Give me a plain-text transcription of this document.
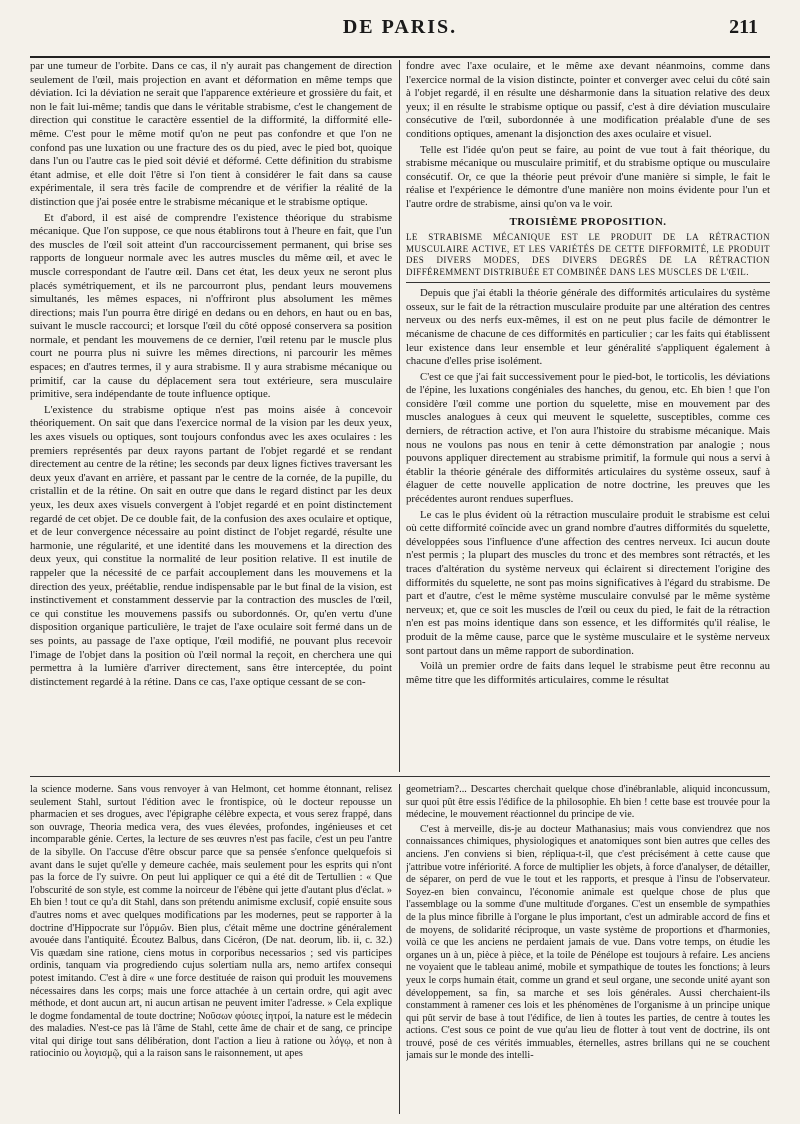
DE PARIS.	211

par une tumeur de l'orbite. Dans ce cas, il n'y aurait pas changement de direction seulement de l'œil, mais projection en avant et déformation en même temps que déviation. Ici la déviation ne serait que l'apparence extérieure et grossière du fait, et non le fait lui-même; tandis que dans le véritable strabisme, c'est le changement de direction qui constitue le caractère essentiel de la difformité, la difformité elle-même. C'est pour le même motif qu'on ne peut pas confondre et que l'on ne confond pas une luxation ou une fracture des os du pied, avec le pied bot, quoique dans l'un ou l'autre cas le pied soit dévié et déformé. Cette définition du strabisme étant admise, et elle doit l'être si l'on tient à considérer le fait dans sa cause expérimentale, il sera très facile de comprendre et de vérifier la réalité de la distinction que j'ai posée entre le strabisme mécanique et le strabisme optique.

Et d'abord, il est aisé de comprendre l'existence théorique du strabisme mécanique. Que l'on suppose, ce que nous établirons tout à l'heure en fait, que l'un des muscles de l'œil soit atteint d'un raccourcissement permanent, qui brise ses rapports de longueur normale avec les autres muscles du même œil, et avec le muscle correspondant de l'autre œil. Dans cet état, les deux yeux ne seront plus placés symétriquement, et ils ne parcourront plus, pendant leurs mouvemens simultanés, les mêmes espaces, ni n'offriront plus absolument les mêmes directions; mais l'un pourra être dirigé en dedans ou en dehors, en haut ou en bas, suivant le muscle raccourci; et lorsque l'œil du côté opposé conservera sa position normale, et pendant les mouvemens de ce dernier, l'œil retenu par le muscle plus court ne pourra plus ni suivre les mêmes directions, ni parcourir les mêmes espaces; en d'autres termes, il y aura strabisme. Il y aura strabisme mécanique ou primitif, car la cause du déplacement sera tout extérieure, sera musculaire primitive, sera indépendante de toute influence optique.

L'existence du strabisme optique n'est pas moins aisée à concevoir théoriquement. On sait que dans l'exercice normal de la vision par les deux yeux, les axes visuels ou optiques, sont toujours confondus avec les axes oculaires : les premiers représentés par deux rayons partant de l'objet regardé et se rendant directement au centre de la rétine; les seconds par deux lignes fictives traversant les deux yeux d'avant en arrière, et passant par le centre de la cornée, de la pupille, du cristallin et de la rétine. On sait en outre que dans le regard distinct par les deux yeux, les deux axes visuels convergent à l'objet regardé et en point distinctement regardé de cet objet. De ce double fait, de la confusion des axes oculaire et optique, et de leur convergence nécessaire au point distinct de l'objet regardé, résulte une harmonie, une régularité, et une identité dans les mouvemens et la direction des deux yeux, qui constitue la normalité de leur position relative. Il est inutile de rappeler que la nécessité de ce parfait accouplement dans les mouvemens et la direction des yeux, préétablie, rendue indispensable par le but final de la vision, est instinctivement et constamment desservie par la contraction des muscles de l'œil, ce qui constitue les mouvemens passifs ou subordonnés. Or, qu'en vertu d'une disposition organique particulière, le trajet de l'axe oculaire soit fermé dans un de ses points, au passage de l'axe optique, l'œil modifié, ne pouvant plus recevoir l'image de l'objet dans la position où l'œil normal la reçoit, en cherchera une qui permettra à la lumière d'arriver directement, sans être interceptée, du point distinctement regardé à la rétine. Dans ce cas, l'axe optique cessant de se con-

fondre avec l'axe oculaire, et le même axe devant néanmoins, comme dans l'exercice normal de la vision distincte, pointer et converger avec celui du côté sain à l'objet regardé, il en résulte une désharmonie dans la situation relative des deux yeux; il en résulte le strabisme optique ou passif, c'est à dire déviation musculaire consécutive de l'œil, subordonnée à une modification préalable d'une de ses conditions optiques, amenant la disjonction des axes oculaire et visuel.

Telle est l'idée qu'on peut se faire, au point de vue tout à fait théorique, du strabisme mécanique ou musculaire primitif, et du strabisme optique ou musculaire consécutif. Or, ce que la théorie peut prévoir d'une manière si simple, le fait le réalise et l'expérience le démontre d'une manière non moins évidente pour l'un et l'autre ordre de strabisme, ainsi qu'on va le voir.

TROISIÈME PROPOSITION.
LE STRABISME MÉCANIQUE EST LE PRODUIT DE LA RÉTRACTION MUSCULAIRE ACTIVE, ET LES VARIÉTÉS DE CETTE DIFFORMITÉ, LE PRODUIT DES DIVERS MODES, DES DIVERS DEGRÉS DE LA RÉTRACTION DIFFÉREMMENT DISTRIBUÉE ET COMBINÉE DANS LES MUSCLES DE L'ŒIL.

Depuis que j'ai établi la théorie générale des difformités articulaires du système osseux, sur le fait de la rétraction musculaire produite par une altération des centres nerveux ou des nerfs eux-mêmes, il est on ne peut plus facile de démontrer le mécanisme de chacune de ces difformités en particulier ; car les faits qui établissent leur existence dans leur ensemble et leur généralité s'appliquent également à chacune d'elles prise isolément.

C'est ce que j'ai fait successivement pour le pied-bot, le torticolis, les déviations de l'épine, les luxations congéniales des hanches, du genou, etc. Eh bien ! que l'on considère l'œil comme une portion du squelette, mise en mouvement par des muscles analogues à ceux qui meuvent le squelette, susceptibles, comme ces derniers, de rétraction active, et l'on aura l'histoire du strabisme mécanique. Mais nous ne voulons pas nous en tenir à cette démonstration par analogie ; nous pouvons appliquer directement au strabisme primitif, la formule qui nous a servi à établir la théorie générale des difformités articulaires du système osseux, sauf à élaguer de cette nouvelle application de notre doctrine, les preuves que les précédentes auront rendues superflues.

Le cas le plus évident où la rétraction musculaire produit le strabisme est celui où cette difformité coïncide avec un grand nombre d'autres difformités du squelette, développées sous l'influence d'une affection des centres nerveux. Ici aucun doute n'est permis ; la plupart des muscles du tronc et des membres sont rétractés, et les traces d'altération du système nerveux qui éclairent si directement l'origine des difformités du squelette, ne sont pas moins significatives à l'égard du strabisme. De part et d'autre, c'est le même système musculaire convulsé par le même système nerveux; et, que ce soit les muscles de l'œil ou ceux du pied, le fait de la rétraction n'en est pas moins identique dans son essence, et les difformités qu'il réalise, le produit de la même cause, parce que le système musculaire et le système nerveux sont partout dans un même rapport de subordination.

Voilà un premier ordre de faits dans lequel le strabisme peut être reconnu au même titre que les difformités articulaires, comme le résultat

la science moderne. Sans vous renvoyer à van Helmont, cet homme étonnant, relisez seulement Stahl, surtout l'édition avec le frontispice, où le docteur repousse un pharmacien et ses drogues, avec l'épigraphe célèbre expecta, et vous serez frappé, dans son ouvrage, Theoria medica vera, des vues élevées, profondes, ingénieuses et cet incomparable génie. Certes, la lecture de ses œuvres n'est pas facile, c'est un peu l'antre de la sibylle. On l'accuse d'être obscur parce que sa pensée s'enfonce quelquefois si avant dans le sujet qu'elle y demeure cachée, mais seulement pour les esprits qui n'ont pas la force de l'y suivre. On peut lui appliquer ce qui a été dit de Tertullien : « Que l'obscurité de son style, est comme la noirceur de l'ébène qui jette d'autant plus d'éclat. » Eh bien ! tout ce qu'a dit Stahl, dans son prétendu animisme exclusif, copié ensuite sous d'autres noms et avec quelques modifications par les modernes, peut se rapporter à la doctrine d'Hippocrate sur l'ὁρμῶν. Bien plus, c'était même une doctrine généralement avouée dans l'antiquité. Écoutez Balbus, dans Cicéron, (De nat. deorum, lib. ii, c. 32.) Vis quædam sine ratione, ciens motus in corporibus necessarios ; sed vis participes ordinis, tanquam via progrediendo cujus solertiam nulla ars, nemo artifex consequi potest imitando. C'est à dire « une force destituée de raison qui produit les mouvemens nécessaires dans les corps; mais une force attachée à un certain ordre, qui agit avec méthode, et dont aucun art, ni aucun artisan ne peuvent imiter l'adresse. » Cela explique le dogme fondamental de toute doctrine; Νοῦσων φύσιες ἰητροί, la nature est le médecin des maladies. N'est-ce pas là l'âme de Stahl, cette âme de chair et de sang, ce principe vital qui dirige tout sans délibération, dont l'action a lieu à ratione ou λόγῳ, et non à ratiocinio ou λογισμῷ, qui a la raison sans le raisonnement, ut apes

geometriam?... Descartes cherchait quelque chose d'inébranlable, aliquid inconcussum, sur quoi pût être essis l'édifice de la philosophie. Eh bien ! cette base est trouvée pour la médecine, le mouvement réactionnel du principe de vie.

C'est à merveille, dis-je au docteur Mathanasius; mais vous conviendrez que nos connaissances chimiques, physiologiques et anatomiques sont bien autres que celles des anciens. J'en conviens si bien, répliqua-t-il, que c'est précisément à cette cause que j'attribue votre infériorité. A force de multiplier les objets, à force d'analyser, de détailler, de séparer, on perd de vue le tout et les rapports, et presque à l'insu de l'observateur. Soyez-en bien convaincu, l'économie animale est quelque chose de plus que l'assemblage ou la somme d'une multitude d'organes. C'est un ensemble de sympathies de la plus mince fibrille à l'organe le plus important, c'est un admirable accord de fins et de moyens, de solidarité réciproque, un vaste système de proportions et d'harmonies, voilà ce que les anciens ne perdaient jamais de vue. Dans votre temps, on étudie les organes un à un, pièce à pièce, et la toile de Pénélope est toujours à refaire. Les anciens ne voyaient que le tableau animé, mobile et sympathique de toutes les fonctions; à leurs yeux le corps humain était, comme un grand et seul organe, une seconde unité ayant son développement, sa fin, sa marche et ses lois générales. Aussi cherchaient-ils constamment à ramener ces lois et les phénomènes de l'organisme à un principe unique qui pût servir de base à tout l'édifice, de lien à toutes les parties, de centre à toutes les actions. C'est sous ce point de vue qu'au lieu de flotter à tout vent de doctrine, ils ont trouvé, posé de ces vérités immuables, éternelles, astres brillans qui ne se couchent jamais sur le monde des intelli-
